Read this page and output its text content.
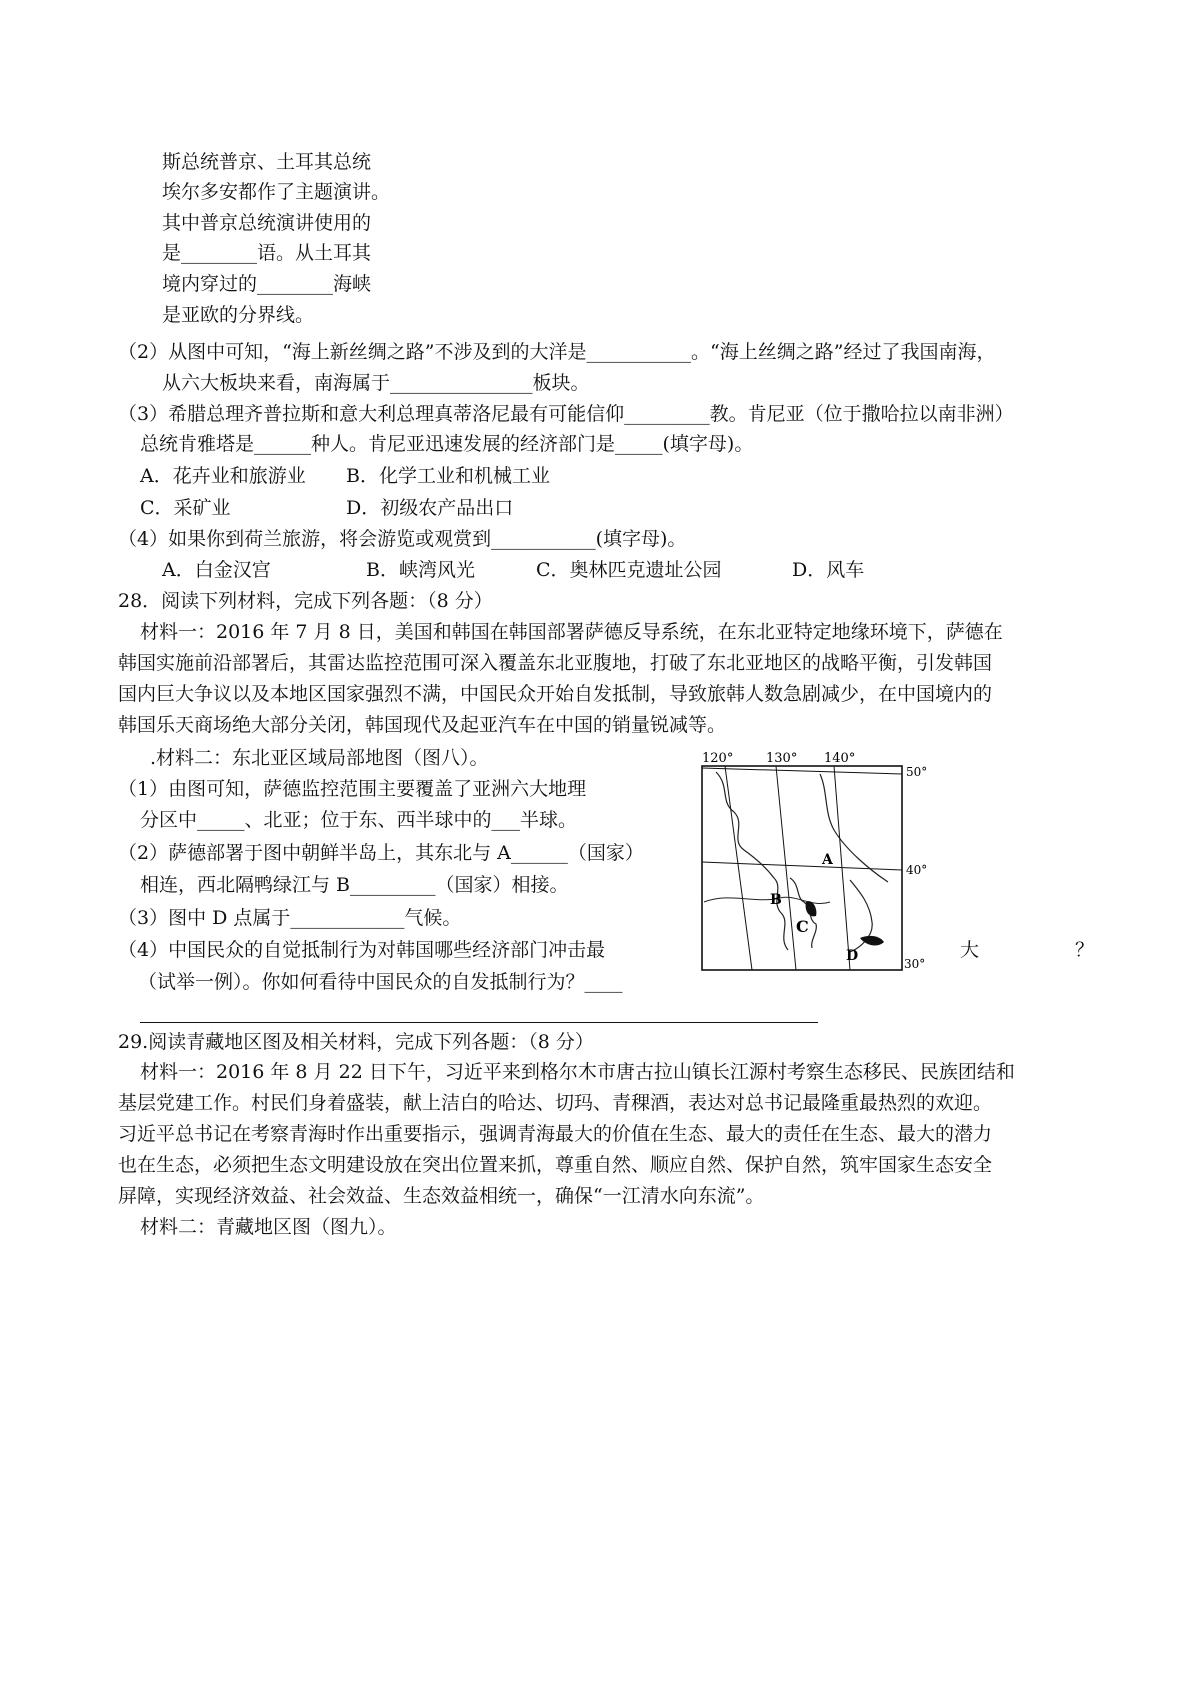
斯总统普京、土耳其总统
埃尔多安都作了主题演讲。
其中普京总统演讲使用的
是________语。从土耳其
境内穿过的________海峡
是亚欧的分界线。
（2）从图中可知，“海上新丝绸之路”不涉及到的大洋是___________。“海上丝绸之路”经过了我国南海，
从六大板块来看，南海属于_______________板块。
（3）希腊总理齐普拉斯和意大利总理真蒂洛尼最有可能信仰_________教。肯尼亚（位于撒哈拉以南非洲）
总统肯雅塔是______种人。肯尼亚迅速发展的经济部门是_____(填字母)。
A．花卉业和旅游业 B．化学工业和机械工业
C．采矿业	D．初级农产品出口
（4）如果你到荷兰旅游，将会游览或观赏到___________(填字母)。
A．白金汉宫	B．峡湾风光	C．奥林匹克遗址公园	D．风车
28．阅读下列材料，完成下列各题：（8 分）
材料一：2016 年 7 月 8 日，美国和韩国在韩国部署萨德反导系统，在东北亚特定地缘环境下，萨德在
韩国实施前沿部署后，其雷达监控范围可深入覆盖东北亚腹地，打破了东北亚地区的战略平衡，引发韩国
国内巨大争议以及本地区国家强烈不满，中国民众开始自发抵制，导致旅韩人数急剧减少，在中国境内的
韩国乐天商场绝大部分关闭，韩国现代及起亚汽车在中国的销量锐减等。
.材料二：东北亚区域局部地图（图八）。
（1）由图可知，萨德监控范围主要覆盖了亚洲六大地理
分区中_____、北亚；位于东、西半球中的___半球。
（2）萨德部署于图中朝鲜半岛上，其东北与 A______（国家）
相连，西北隔鸭绿江与 B_________（国家）相接。
（3）图中 D 点属于____________气候。
（4）中国民众的自觉抵制行为对韩国哪些经济部门冲击最	大	？
（试举一例）。你如何看待中国民众的自发抵制行为？____
120°	130° 140°
50°
40°
30°
A
B
C
D
29.阅读青藏地区图及相关材料，完成下列各题：（8 分）
材料一：2016 年 8 月 22 日下午，习近平来到格尔木市唐古拉山镇长江源村考察生态移民、民族团结和
基层党建工作。村民们身着盛装，献上洁白的哈达、切玛、青稞酒，表达对总书记最隆重最热烈的欢迎。
习近平总书记在考察青海时作出重要指示，强调青海最大的价值在生态、最大的责任在生态、最大的潜力
也在生态，必须把生态文明建设放在突出位置来抓，尊重自然、顺应自然、保护自然，筑牢国家生态安全
屏障，实现经济效益、社会效益、生态效益相统一，确保“一江清水向东流”。
材料二：青藏地区图（图九）。
